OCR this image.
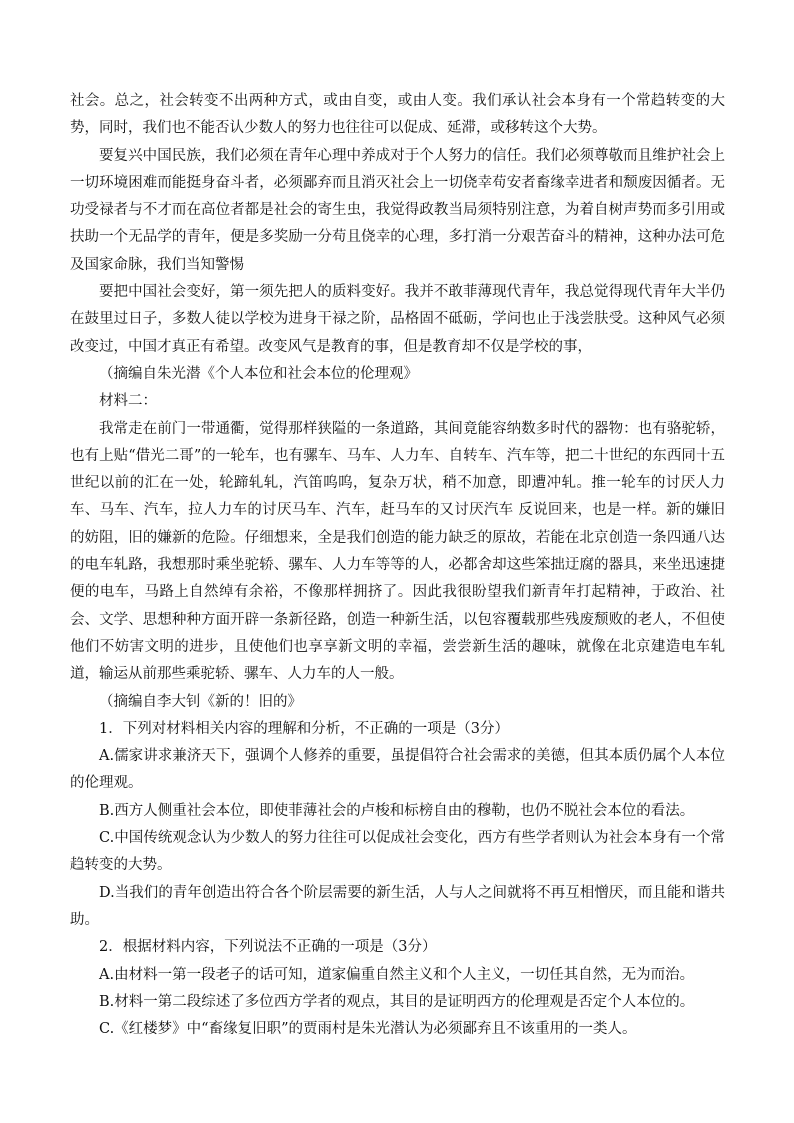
社会。总之，社会转变不出两种方式，或由自变，或由人变。我们承认社会本身有一个常趋转变的大势，同时，我们也不能否认少数人的努力也往往可以促成、延滞，或移转这个大势。

要复兴中国民族，我们必须在青年心理中养成对于个人努力的信任。我们必须尊敬而且维护社会上一切环境困难而能挺身奋斗者，必须鄙弃而且消灭社会上一切侥幸苟安者畜缘幸进者和颓废因循者。无功受禄者与不才而在高位者都是社会的寄生虫，我觉得政教当局须特别注意，为着自树声势而多引用或扶助一个无品学的青年，便是多奖励一分苟且侥幸的心理，多打消一分艰苦奋斗的精神，这种办法可危及国家命脉，我们当知警惕

要把中国社会变好，第一须先把人的质料变好。我并不敢菲薄现代青年，我总觉得现代青年大半仍在鼓里过日子，多数人徒以学校为进身干禄之阶，品格固不砥砺，学问也止于浅尝肤受。这种风气必须改变过，中国才真正有希望。改变风气是教育的事，但是教育却不仅是学校的事，

（摘编自朱光潜《个人本位和社会本位的伦理观》

材料二：

我常走在前门一带通衢，觉得那样狭隘的一条道路，其间竟能容纳数多时代的器物：也有骆驼轿，也有上贴“借光二哥”的一轮车，也有骡车、马车、人力车、自转车、汽车等，把二十世纪的东西同十五世纪以前的汇在一处，轮蹄轧轧，汽笛呜呜，复杂万状，稍不加意，即遭冲轧。推一轮车的讨厌人力车、马车、汽车，拉人力车的讨厌马车、汽车，赶马车的又讨厌汽车 反说回来，也是一样。新的嫌旧的妨阻，旧的嫌新的危险。仔细想来，全是我们创造的能力缺乏的原故，若能在北京创造一条四通八达的电车轧路，我想那时乘坐驼轿、骡车、人力车等等的人，必都舍却这些笨拙迂腐的器具，来坐迅速捷便的电车，马路上自然绰有余裕，不像那样拥挤了。因此我很盼望我们新青年打起精神，于政治、社会、文学、思想种种方面开辟一条新径路，创造一种新生活，以包容覆载那些残废颓败的老人，不但使他们不妨害文明的进步，且使他们也享享新文明的幸福，尝尝新生活的趣味，就像在北京建造电车轧道，输运从前那些乘驼轿、骡车、人力车的人一般。

（摘编自李大钊《新的！旧的》

1．下列对材料相关内容的理解和分析，不正确的一项是（3分）

A.儒家讲求兼济天下，强调个人修养的重要，虽提倡符合社会需求的美德，但其本质仍属个人本位的伦理观。

B.西方人侧重社会本位，即使菲薄社会的卢梭和标榜自由的穆勒，也仍不脱社会本位的看法。

C.中国传统观念认为少数人的努力往往可以促成社会变化，西方有些学者则认为社会本身有一个常趋转变的大势。

D.当我们的青年创造出符合各个阶层需要的新生活，人与人之间就将不再互相憎厌，而且能和谐共助。

2．根据材料内容，下列说法不正确的一项是（3分）

A.由材料一第一段老子的话可知，道家偏重自然主义和个人主义，一切任其自然，无为而治。

B.材料一第二段综述了多位西方学者的观点，其目的是证明西方的伦理观是否定个人本位的。

C.《红楼梦》中“畜缘复旧职”的贾雨村是朱光潜认为必须鄙弃且不该重用的一类人。
